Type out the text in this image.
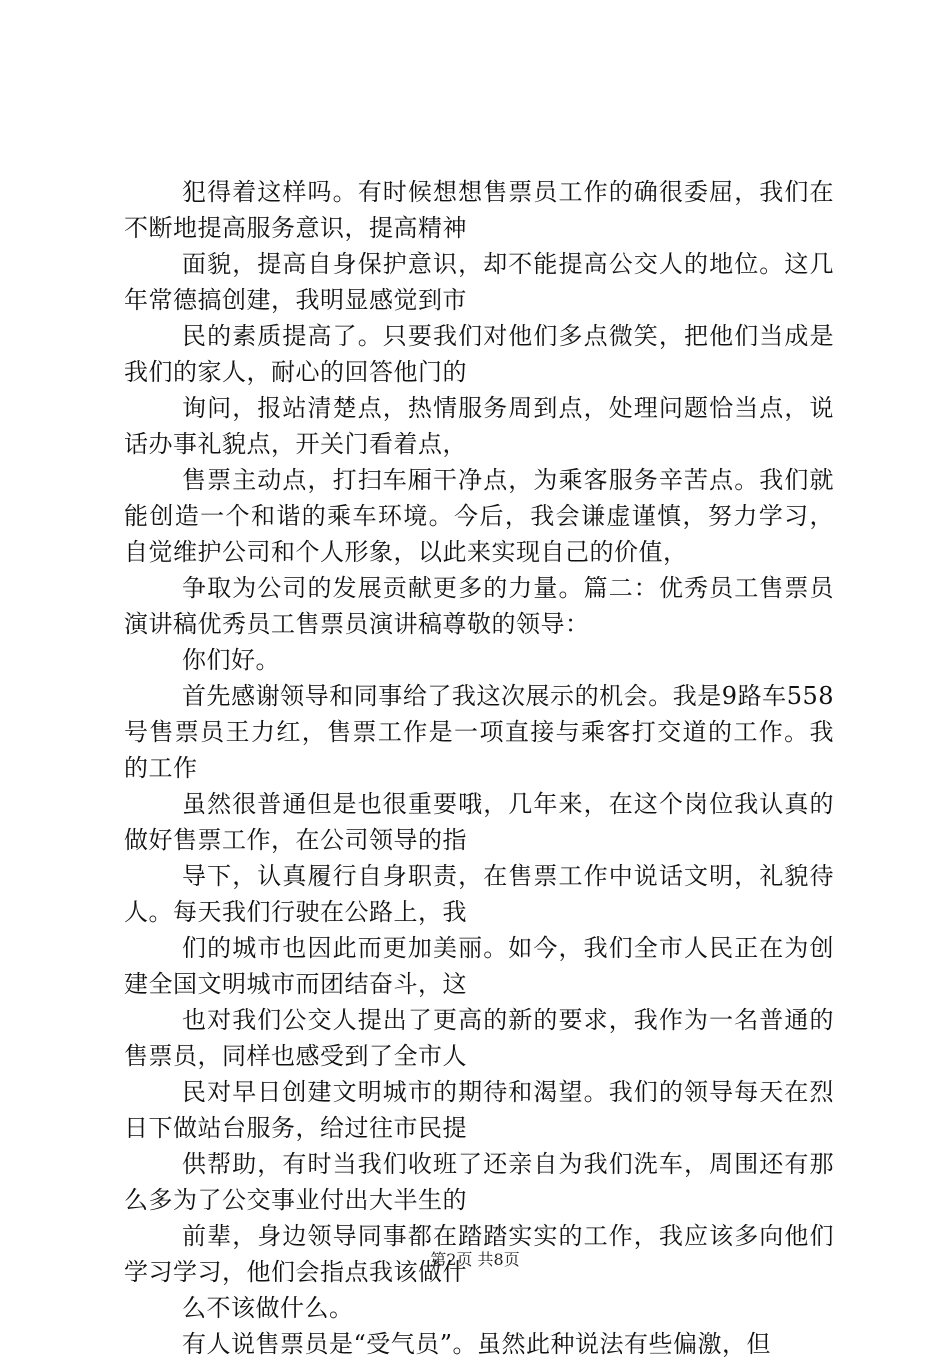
犯得着这样吗。有时候想想售票员工作的确很委屈，我们在不断地提高服务意识，提高精神

面貌，提高自身保护意识，却不能提高公交人的地位。这几年常德搞创建，我明显感觉到市

民的素质提高了。只要我们对他们多点微笑，把他们当成是我们的家人，耐心的回答他门的

询问，报站清楚点，热情服务周到点，处理问题恰当点，说话办事礼貌点，开关门看着点，

售票主动点，打扫车厢干净点，为乘客服务辛苦点。我们就能创造一个和谐的乘车环境。今后，我会谦虚谨慎，努力学习，自觉维护公司和个人形象，以此来实现自己的价值，

争取为公司的发展贡献更多的力量。篇二：优秀员工售票员演讲稿优秀员工售票员演讲稿尊敬的领导：

你们好。

首先感谢领导和同事给了我这次展示的机会。我是9路车558号售票员王力红，售票工作是一项直接与乘客打交道的工作。我的工作

虽然很普通但是也很重要哦，几年来，在这个岗位我认真的做好售票工作，在公司领导的指

导下，认真履行自身职责，在售票工作中说话文明，礼貌待人。每天我们行驶在公路上，我

们的城市也因此而更加美丽。如今，我们全市人民正在为创建全国文明城市而团结奋斗，这

也对我们公交人提出了更高的新的要求，我作为一名普通的售票员，同样也感受到了全市人

民对早日创建文明城市的期待和渴望。我们的领导每天在烈日下做站台服务，给过往市民提

供帮助，有时当我们收班了还亲自为我们洗车，周围还有那么多为了公交事业付出大半生的

前辈，身边领导同事都在踏踏实实的工作，我应该多向他们学习学习，他们会指点我该做什

么不该做什么。

有人说售票员是“受气员”。虽然此种说法有些偏激，但

第2页 共8页
